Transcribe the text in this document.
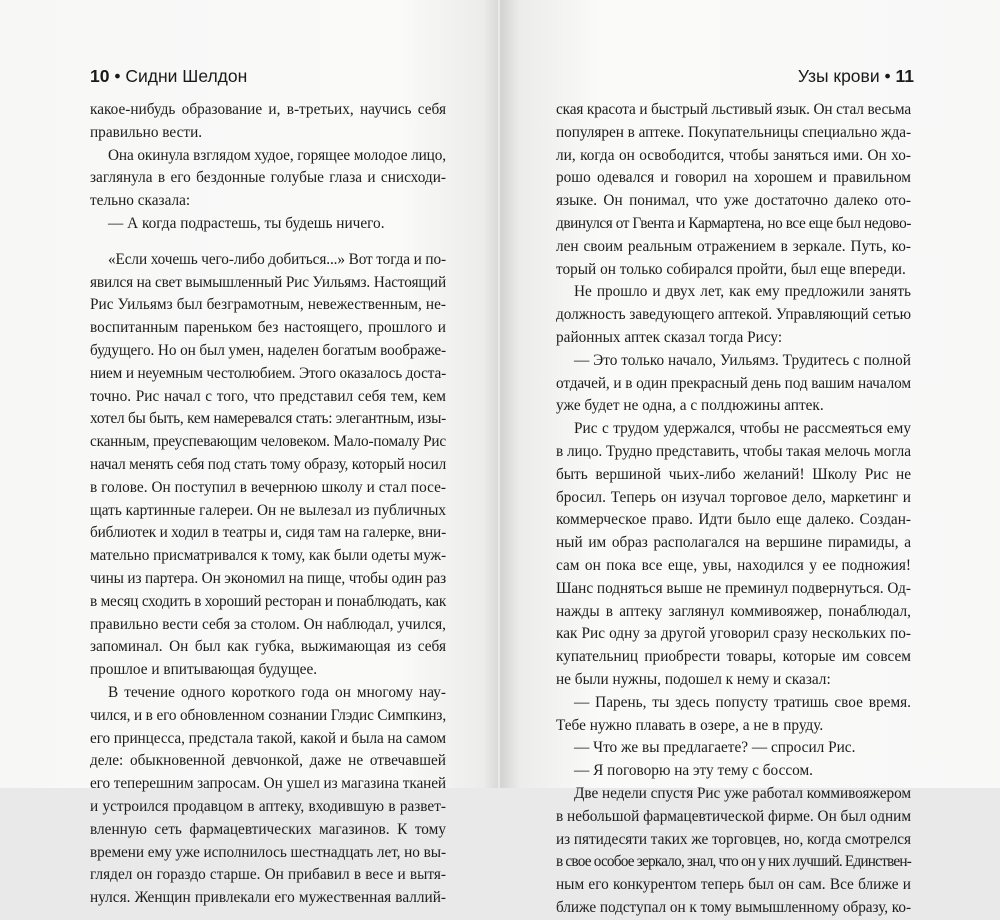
10 • Сидни Шелдон
какое-нибудь образование и, в-третьих, научись себя
правильно вести.
Она окинула взглядом худое, горящее молодое лицо,
заглянула в его бездонные голубые глаза и снисходи-
тельно сказала:
— А когда подрастешь, ты будешь ничего.
«Если хочешь чего-либо добиться...» Вот тогда и по-
явился на свет вымышленный Рис Уильямз. Настоящий
Рис Уильямз был безграмотным, невежественным, не-
воспитанным пареньком без настоящего, прошлого и
будущего. Но он был умен, наделен богатым воображе-
нием и неуемным честолюбием. Этого оказалось доста-
точно. Рис начал с того, что представил себя тем, кем
хотел бы быть, кем намеревался стать: элегантным, изы-
сканным, преуспевающим человеком. Мало-помалу Рис
начал менять себя под стать тому образу, который носил
в голове. Он поступил в вечернюю школу и стал посе-
щать картинные галереи. Он не вылезал из публичных
библиотек и ходил в театры и, сидя там на галерке, вни-
мательно присматривался к тому, как были одеты муж-
чины из партера. Он экономил на пище, чтобы один раз
в месяц сходить в хороший ресторан и понаблюдать, как
правильно вести себя за столом. Он наблюдал, учился,
запоминал. Он был как губка, выжимающая из себя
прошлое и впитывающая будущее.
В течение одного короткого года он многому нау-
чился, и в его обновленном сознании Глэдис Симпкинз,
его принцесса, предстала такой, какой и была на самом
деле: обыкновенной девчонкой, даже не отвечавшей
его теперешним запросам. Он ушел из магазина тканей
и устроился продавцом в аптеку, входившую в развет-
вленную сеть фармацевтических магазинов. К тому
времени ему уже исполнилось шестнадцать лет, но вы-
глядел он гораздо старше. Он прибавил в весе и вытя-
нулся. Женщин привлекали его мужественная валлий-
Узы крови • 11
ская красота и быстрый льстивый язык. Он стал весьма
популярен в аптеке. Покупательницы специально жда-
ли, когда он освободится, чтобы заняться ими. Он хо-
рошо одевался и говорил на хорошем и правильном
языке. Он понимал, что уже достаточно далеко ото-
двинулся от Гвента и Кармартена, но все еще был недово-
лен своим реальным отражением в зеркале. Путь, ко-
торый он только собирался пройти, был еще впереди.
Не прошло и двух лет, как ему предложили занять
должность заведующего аптекой. Управляющий сетью
районных аптек сказал тогда Рису:
— Это только начало, Уильямз. Трудитесь с полной
отдачей, и в один прекрасный день под вашим началом
уже будет не одна, а с полдюжины аптек.
Рис с трудом удержался, чтобы не рассмеяться ему
в лицо. Трудно представить, чтобы такая мелочь могла
быть вершиной чьих-либо желаний! Школу Рис не
бросил. Теперь он изучал торговое дело, маркетинг и
коммерческое право. Идти было еще далеко. Создан-
ный им образ располагался на вершине пирамиды, а
сам он пока все еще, увы, находился у ее подножия!
Шанс подняться выше не преминул подвернуться. Од-
нажды в аптеку заглянул коммивояжер, понаблюдал,
как Рис одну за другой уговорил сразу нескольких по-
купательниц приобрести товары, которые им совсем
не были нужны, подошел к нему и сказал:
— Парень, ты здесь попусту тратишь свое время.
Тебе нужно плавать в озере, а не в пруду.
— Что же вы предлагаете? — спросил Рис.
— Я поговорю на эту тему с боссом.
Две недели спустя Рис уже работал коммивояжером
в небольшой фармацевтической фирме. Он был одним
из пятидесяти таких же торговцев, но, когда смотрелся
в свое особое зеркало, знал, что он у них лучший. Единствен-
ным его конкурентом теперь был он сам. Все ближе и
ближе подступал он к тому вымышленному образу, ко-
